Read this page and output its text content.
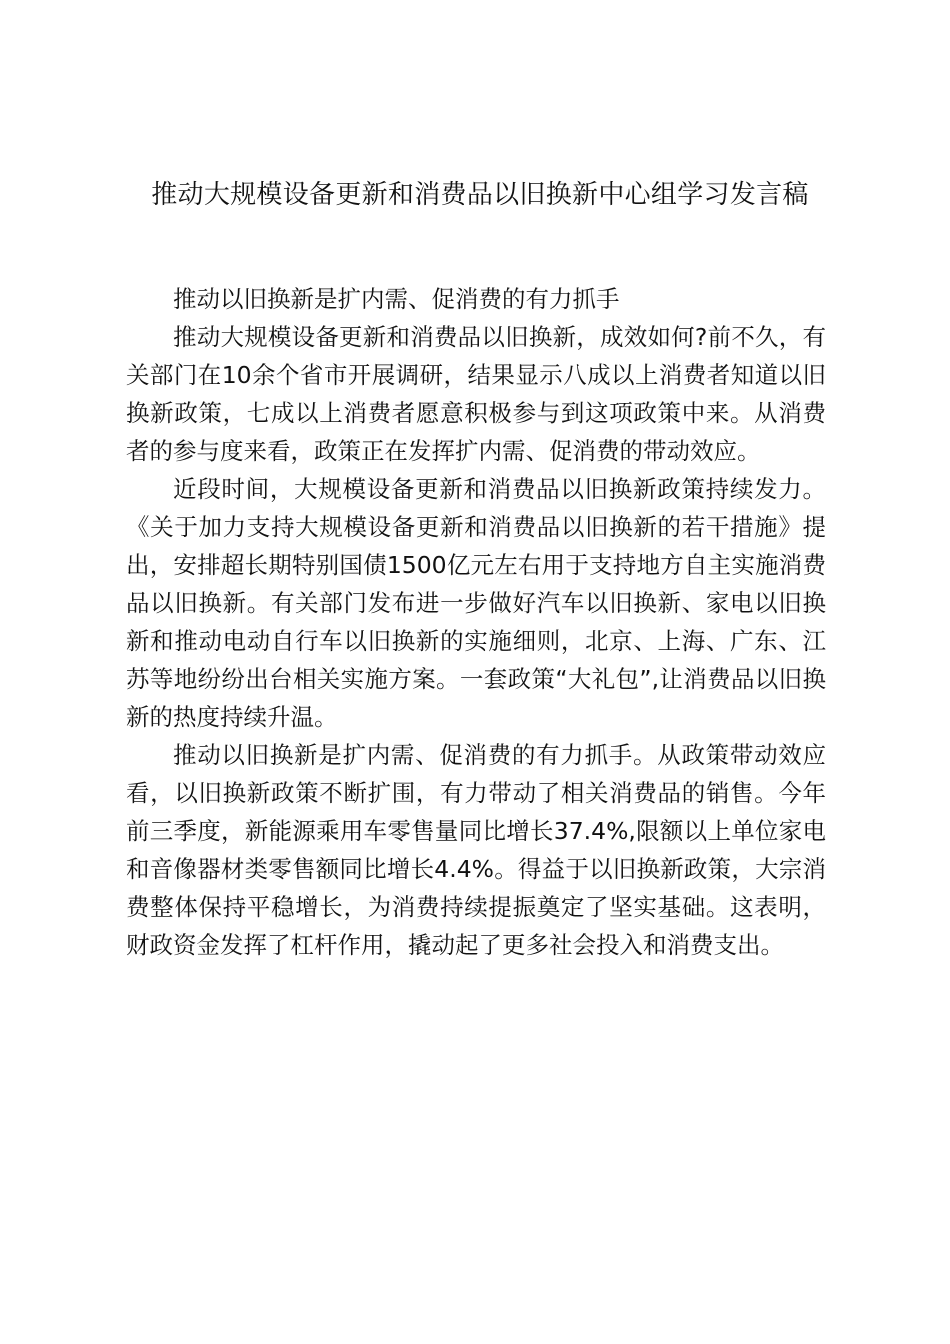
推动大规模设备更新和消费品以旧换新中心组学习发言稿

推动以旧换新是扩内需、促消费的有力抓手

推动大规模设备更新和消费品以旧换新，成效如何?前不久，有关部门在10余个省市开展调研，结果显示八成以上消费者知道以旧换新政策，七成以上消费者愿意积极参与到这项政策中来。从消费者的参与度来看，政策正在发挥扩内需、促消费的带动效应。

近段时间，大规模设备更新和消费品以旧换新政策持续发力。《关于加力支持大规模设备更新和消费品以旧换新的若干措施》提出，安排超长期特别国债1500亿元左右用于支持地方自主实施消费品以旧换新。有关部门发布进一步做好汽车以旧换新、家电以旧换新和推动电动自行车以旧换新的实施细则，北京、上海、广东、江苏等地纷纷出台相关实施方案。一套政策“大礼包”,让消费品以旧换新的热度持续升温。

推动以旧换新是扩内需、促消费的有力抓手。从政策带动效应看，以旧换新政策不断扩围，有力带动了相关消费品的销售。今年前三季度，新能源乘用车零售量同比增长37.4%,限额以上单位家电和音像器材类零售额同比增长4.4%。得益于以旧换新政策，大宗消费整体保持平稳增长，为消费持续提振奠定了坚实基础。这表明，财政资金发挥了杠杆作用，撬动起了更多社会投入和消费支出。
